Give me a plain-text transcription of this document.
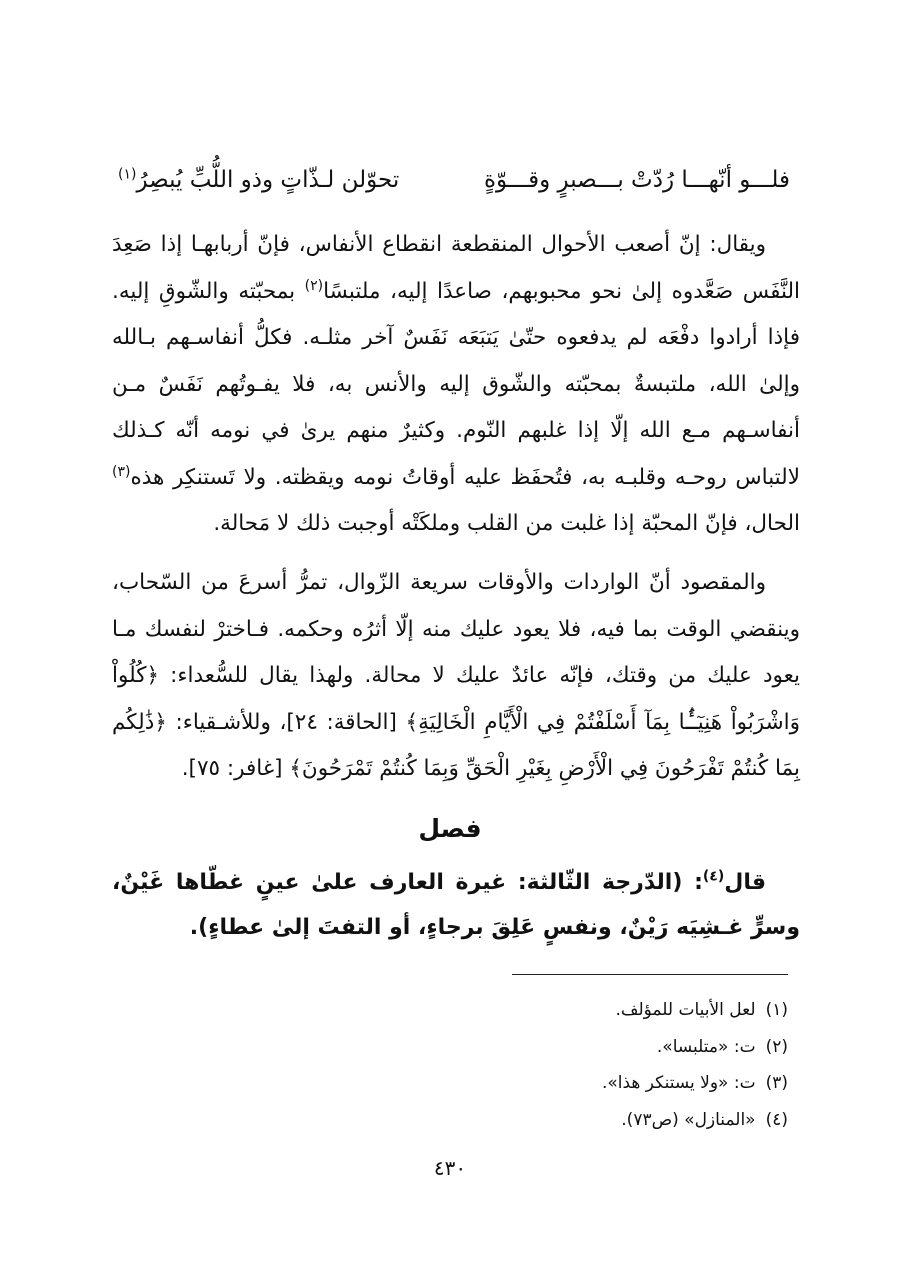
فلـــو أنّهـــا رُدّتْ بـــصبرٍ وقـــوّةٍ
تحوّلن لـذّاتٍ وذو اللُّبِّ يُبصِرُ$^{(١)}$

ويقال: إنّ أصعب الأحوال المنقطعة انقطاع الأنفاس، فإنّ أربابهـا إذا صَعِدَ النَّفَس صَعَّدوه إلىٰ نحو محبوبهم، صاعدًا إليه، ملتبسًا$^{(٢)}$ بمحبّته والشّوقِ إليه. فإذا أرادوا دفْعَه لم يدفعوه حتّىٰ يَتبَعَه نَفَسٌ آخر مثلـه. فكلُّ أنفاسـهم بـالله وإلىٰ الله، ملتبسةٌ بمحبّته والشّوق إليه والأنس به، فلا يفـوتُهم نَفَسٌ مـن أنفاسـهم مـع الله إلّا إذا غلبهم النّوم. وكثيرٌ منهم يرىٰ في نومه أنّه كـذلك لالتباس روحـه وقلبـه به، فتُحفَظ عليه أوقاتُ نومه ويقظته. ولا تَستنكِر هذه$^{(٣)}$ الحال، فإنّ المحبّة إذا غلبت من القلب وملكَتْه أوجبت ذلك لا مَحالة.

والمقصود أنّ الواردات والأوقات سريعة الزّوال، تمرُّ أسرعَ من السّحاب، وينقضي الوقت بما فيه، فلا يعود عليك منه إلّا أثرُه وحكمه. فـاخترْ لنفسك مـا يعود عليك من وقتك، فإنّه عائدٌ عليك لا محالة. ولهذا يقال للسُّعداء: ﴿كُلُواْ وَاشْرَبُواْ هَنِيٓـَٔۢا بِمَآ أَسْلَفْتُمْ فِي الْأَيَّامِ الْخَالِيَةِ﴾ [الحاقة: ٢٤]، وللأشـقياء: ﴿ذَٰلِكُم بِمَا كُنتُمْ تَفْرَحُونَ فِي الْأَرْضِ بِغَيْرِ الْحَقِّ وَبِمَا كُنتُمْ تَمْرَحُونَ﴾ [غافر: ٧٥].

فصل

قال$^{(٤)}$: (الدّرجة الثّالثة: غيرة العارف علىٰ عينٍ غطّاها غَيْنٌ، وسرٍّ غـشِيَه رَيْنٌ، ونفسٍ عَلِقَ برجاءٍ، أو التفتَ إلىٰ عطاءٍ).

(١)لعل الأبيات للمؤلف.
(٢)ت: «متلبسا».
(٣)ت: «ولا يستنكر هذا».
(٤)«المنازل» (ص٧٣).
٤٣٠
